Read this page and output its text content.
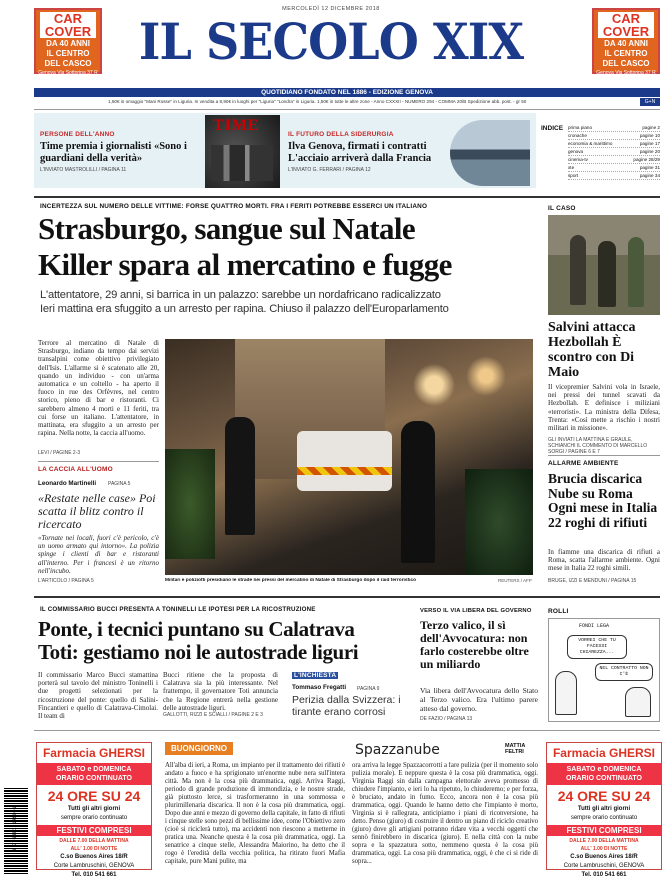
CAR COVER
DA 40 ANNI
IL CENTRO
DEL CASCO
Genova Via Sottoripa 37 R
Tel. 010 2471647
MERCOLEDÌ 12 DICEMBRE 2018
IL SECOLO XIX	CAR COVER
DA 40 ANNI
IL CENTRO
DEL CASCO
Genova Via Sottoripa 37 R
Tel. 010 2471647
QUOTIDIANO FONDATO NEL 1886 - EDIZIONE GENOVA
1,50€ in omaggio "Mani Rosse" in Liguria. In vendita a 8,90€ in luoghi per "Liguria" "Londra" in Liguria. 1,50€ in tutte le altre zone - Anno CXXXII - NUMERO 294 - COMMA 20/B Spedizione abb. post. - gr 50	G+N
PERSONE DELL'ANNO
Time premia i giornalisti «Sono i guardiani della verità»
L'INVIATO MASTROLILLI / PAGINA 11
TIME
IL FUTURO DELLA SIDERURGIA
Ilva Genova, firmati i contratti L'acciaio arriverà dalla Francia
L'INVIATO G. FERRARI / PAGINA 12
INDICE prima piano	pagine 2
cronache	pagine 10
economia & marittimo	pagine 17
genova	pagine 20
cinema-tv	pagine 28/29
xte	pagine 31
sport	pagine 34
INCERTEZZA SUL NUMERO DELLE VITTIME: FORSE QUATTRO MORTI. FRA I FERITI POTREBBE ESSERCI UN ITALIANO
Strasburgo, sangue sul Natale
Killer spara al mercatino e fugge
L'attentatore, 29 anni, si barrica in un palazzo: sarebbe un nordafricano radicalizzato
Ieri mattina era sfuggito a un arresto per rapina. Chiuso il palazzo dell'Europarlamento
Terrore al mercatino di Natale di Strasburgo, indiano da tempo dai servizi transalpini come obiettivo privilegiato dell'Isis. L'allarme si è scatenato alle 20, quando un individuo - con un'arma automatica e un coltello - ha aperto il fuoco in rue des Orfèvres, nel centro storico, pieno di bar e ristoranti. Ci sarebbero almeno 4 morti e 11 feriti, tra cui forse un italiano. L'attentatore, in mattinata, era sfuggito a un arresto per rapina. Nella notte, la caccia all'uomo.
LEVI / PAGINE 2-3
Militari e poliziotti presidiano le strade nei pressi del mercatino di Natale di Strasburgo dopo il raid terroristico	REUTERS / AFP
LA CACCIA ALL'UOMO
Leonardo Martinelli PAGINA 5
«Restate nelle case» Poi scatta il blitz contro il ricercato
«Tornate nei locali, fuori c'è pericolo, c'è un uomo armato qui intorno». La polizia spinge i clienti di bar e ristoranti all'interno. Per i francesi è un ritorno nell'incubo.
L'ARTICOLO / PAGINA 5
IL CASO
Salvini attacca Hezbollah È scontro con Di Maio
Il vicepremier Salvini vola in Israele, nei pressi dei tunnel scavati da Hezbollah. E definisce i miliziani «terroristi». La ministra della Difesa, Trenta: «Così mette a rischio i nostri militari in missione».
GLI INVIATI LA MATTINA E GRAULE, SCHIANCHI IL COMMENTO DI MARCELLO SORGI / PAGINE 6 E 7
ALLARME AMBIENTE
Brucia discarica Nube su Roma Ogni mese in Italia 22 roghi di rifiuti
In fiamme una discarica di rifiuti a Roma, scatta l'allarme ambiente. Ogni mese in Italia 22 roghi simili.
BRUGE, IZZI E MENDUNI / PAGINA 15
IL COMMISSARIO BUCCI PRESENTA A TONINELLI LE IPOTESI PER LA RICOSTRUZIONE
Ponte, i tecnici puntano su Calatrava
Toti: gestiamo noi le autostrade liguri
Il commissario Marco Bucci stamattina porterà sul tavolo del ministro Toninelli i due progetti selezionati per la ricostruzione del ponte: quello di Salini-Fincantieri e quello di Calatrava-Cimolai. Il team di
Bucci ritiene che la proposta di Calatrava sia la più interessante. Nel frattempo, il governatore Toti annuncia che la Regione entrerà nella gestione delle autostrade liguri.
GALLOTTI, RIZZI E SCIALLI / PAGINE 2 E 3
L'INCHIESTA
Tommaso Fregatti PAGINA 9
Perizia dalla Svizzera: i tirante erano corrosi
VERSO IL VIA LIBERA DEL GOVERNO
Terzo valico, il sì dell'Avvocatura: non farlo costerebbe oltre un miliardo
Via libera dell'Avvocatura dello Stato al Terzo valico. Era l'ultimo parere atteso dal governo.
DE FAZIO / PAGINA 13
ROLLI
FONDI LEGA
VORREI CHE TU FACESSI CHIAREZZA...
NEL CONTRATTO NON C'È
Farmacia GHERSI
SABATO e DOMENICA
ORARIO CONTINUATO
24 ORE SU 24
Tutti gli altri giorni
sempre orario continuato
FESTIVI COMPRESI
DALLE 7.00 DELLA MATTINA
ALL' 1.00 DI NOTTE
C.so Buenos Aires 18/R
Corte Lambruschini, GENOVA
Tel. 010 541 661
BUONGIORNO
All'alba di ieri, a Roma, un impianto per il trattamento dei rifiuti è andato a fuoco e ha sprigionato un'enorme nube nera sull'intera città. Ma non è la cosa più drammatica, oggi. Arriva Raggi, periodo di grande produzione di immondizia, e le nostre strade, già piuttosto lerce, si trasformeranno in una sommossa e plurimillenaria discarica. Il non è la cosa più drammatica, oggi. Dopo due anni e mezzo di governo della capitale, in fatto di rifiuti i cinque stelle sono pezzi di bellissime idee, come l'Obiettivo zero (cioè si riciclerà tutto), ma accidenti non riescono a metterne in pratica una. Neanche questa è la cosa più drammatica, oggi. La senatrice a cinque stelle, Alessandra Maiorino, ha detto che il rogo è l'eredità della vecchia politica, ha ritirato fuori Mafia capitale, pure Mani pulite, ma
Spazzanube	MATTIA FELTRI
ora arriva la legge Spazzacorrotti a fare pulizia (per il momento solo pulizia morale). E neppure questa è la cosa più drammatica, oggi. Virginia Raggi sin dalla campagna elettorale aveva promesso di chiudere l'impianto, e ieri lo ha ripetuto, lo chiuderemo; e per forza, è bruciato, andato in fumo. Ecco, ancora non è la cosa più drammatica, oggi. Quando le hanno detto che l'impianto è morto, Virginia si è rallegrata, anticipiamo i piani di riconversione, ha detto. Penso (giuro) di costruire il dentro un piano di riciclo creativo (giuro) dove gli artigiani potranno ridare vita a vecchi oggetti che sennò finirebbero in discarica (giuro). E nella città con la nube sopra e la spazzatura sotto, nemmeno questa è la cosa più drammatica, oggi. La cosa più drammatica, oggi, è che ci si ride di sopra...
Farmacia GHERSI
SABATO e DOMENICA
ORARIO CONTINUATO
24 ORE SU 24
Tutti gli altri giorni
sempre orario continuato
FESTIVI COMPRESI
DALLE 7.00 DELLA MATTINA
ALL' 1.00 DI NOTTE
C.so Buenos Aires 18/R
Corte Lambruschini, GENOVA
Tel. 010 541 661
9 770391 146001
